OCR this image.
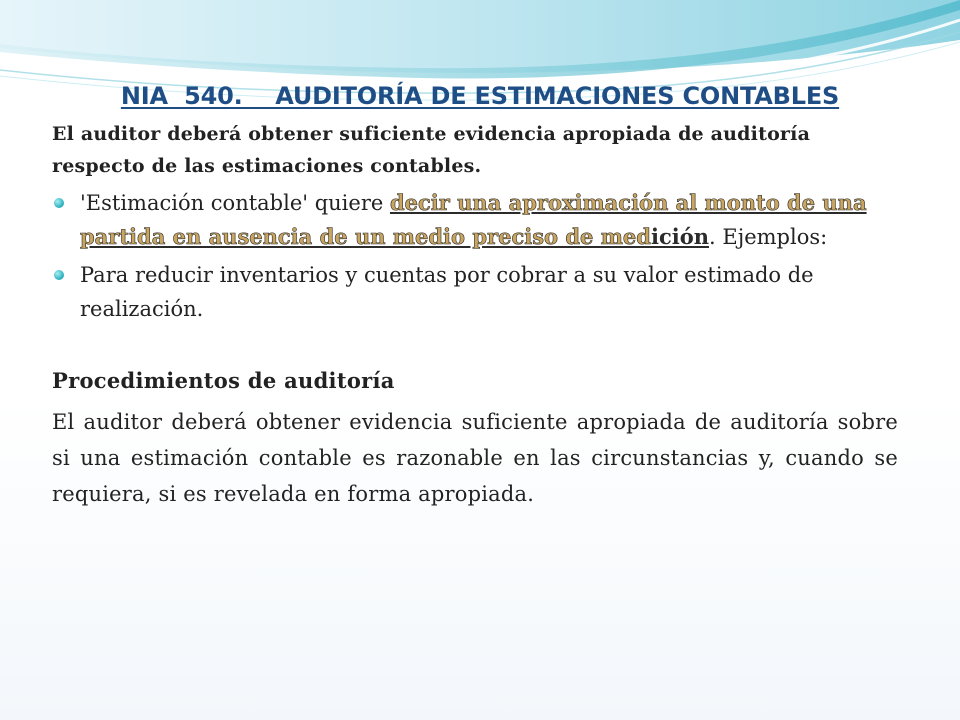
NIA  540.    AUDITORÍA DE ESTIMACIONES CONTABLES

El auditor deberá obtener suficiente evidencia apropiada de auditoría respecto de las estimaciones contables.

'Estimación contable' quiere decir una aproximación al monto de una partida en ausencia de un medio preciso de medición. Ejemplos:
Para reducir inventarios y cuentas por cobrar a su valor estimado de realización.

Procedimientos de auditoría

El auditor deberá obtener evidencia suficiente apropiada de auditoría sobre si una estimación contable es razonable en las circunstancias y, cuando se requiera, si es revelada en forma apropiada.
